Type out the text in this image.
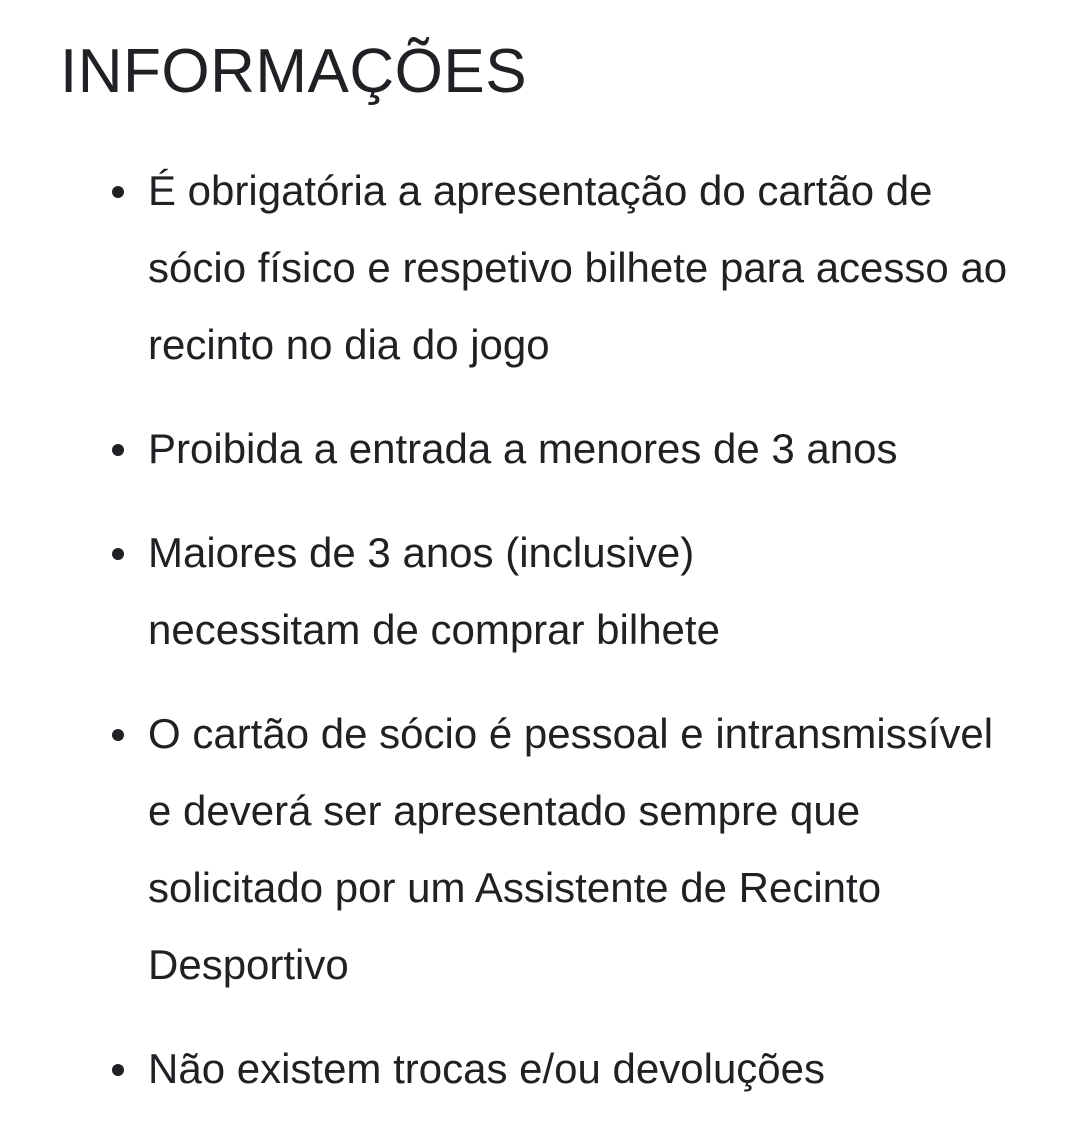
INFORMAÇÕES
É obrigatória a apresentação do cartão de sócio físico e respetivo bilhete para acesso ao recinto no dia do jogo
Proibida a entrada a menores de 3 anos
Maiores de 3 anos (inclusive) necessitam de comprar bilhete
O cartão de sócio é pessoal e intransmissível e deverá ser apresentado sempre que solicitado por um Assistente de Recinto Desportivo
Não existem trocas e/ou devoluções
